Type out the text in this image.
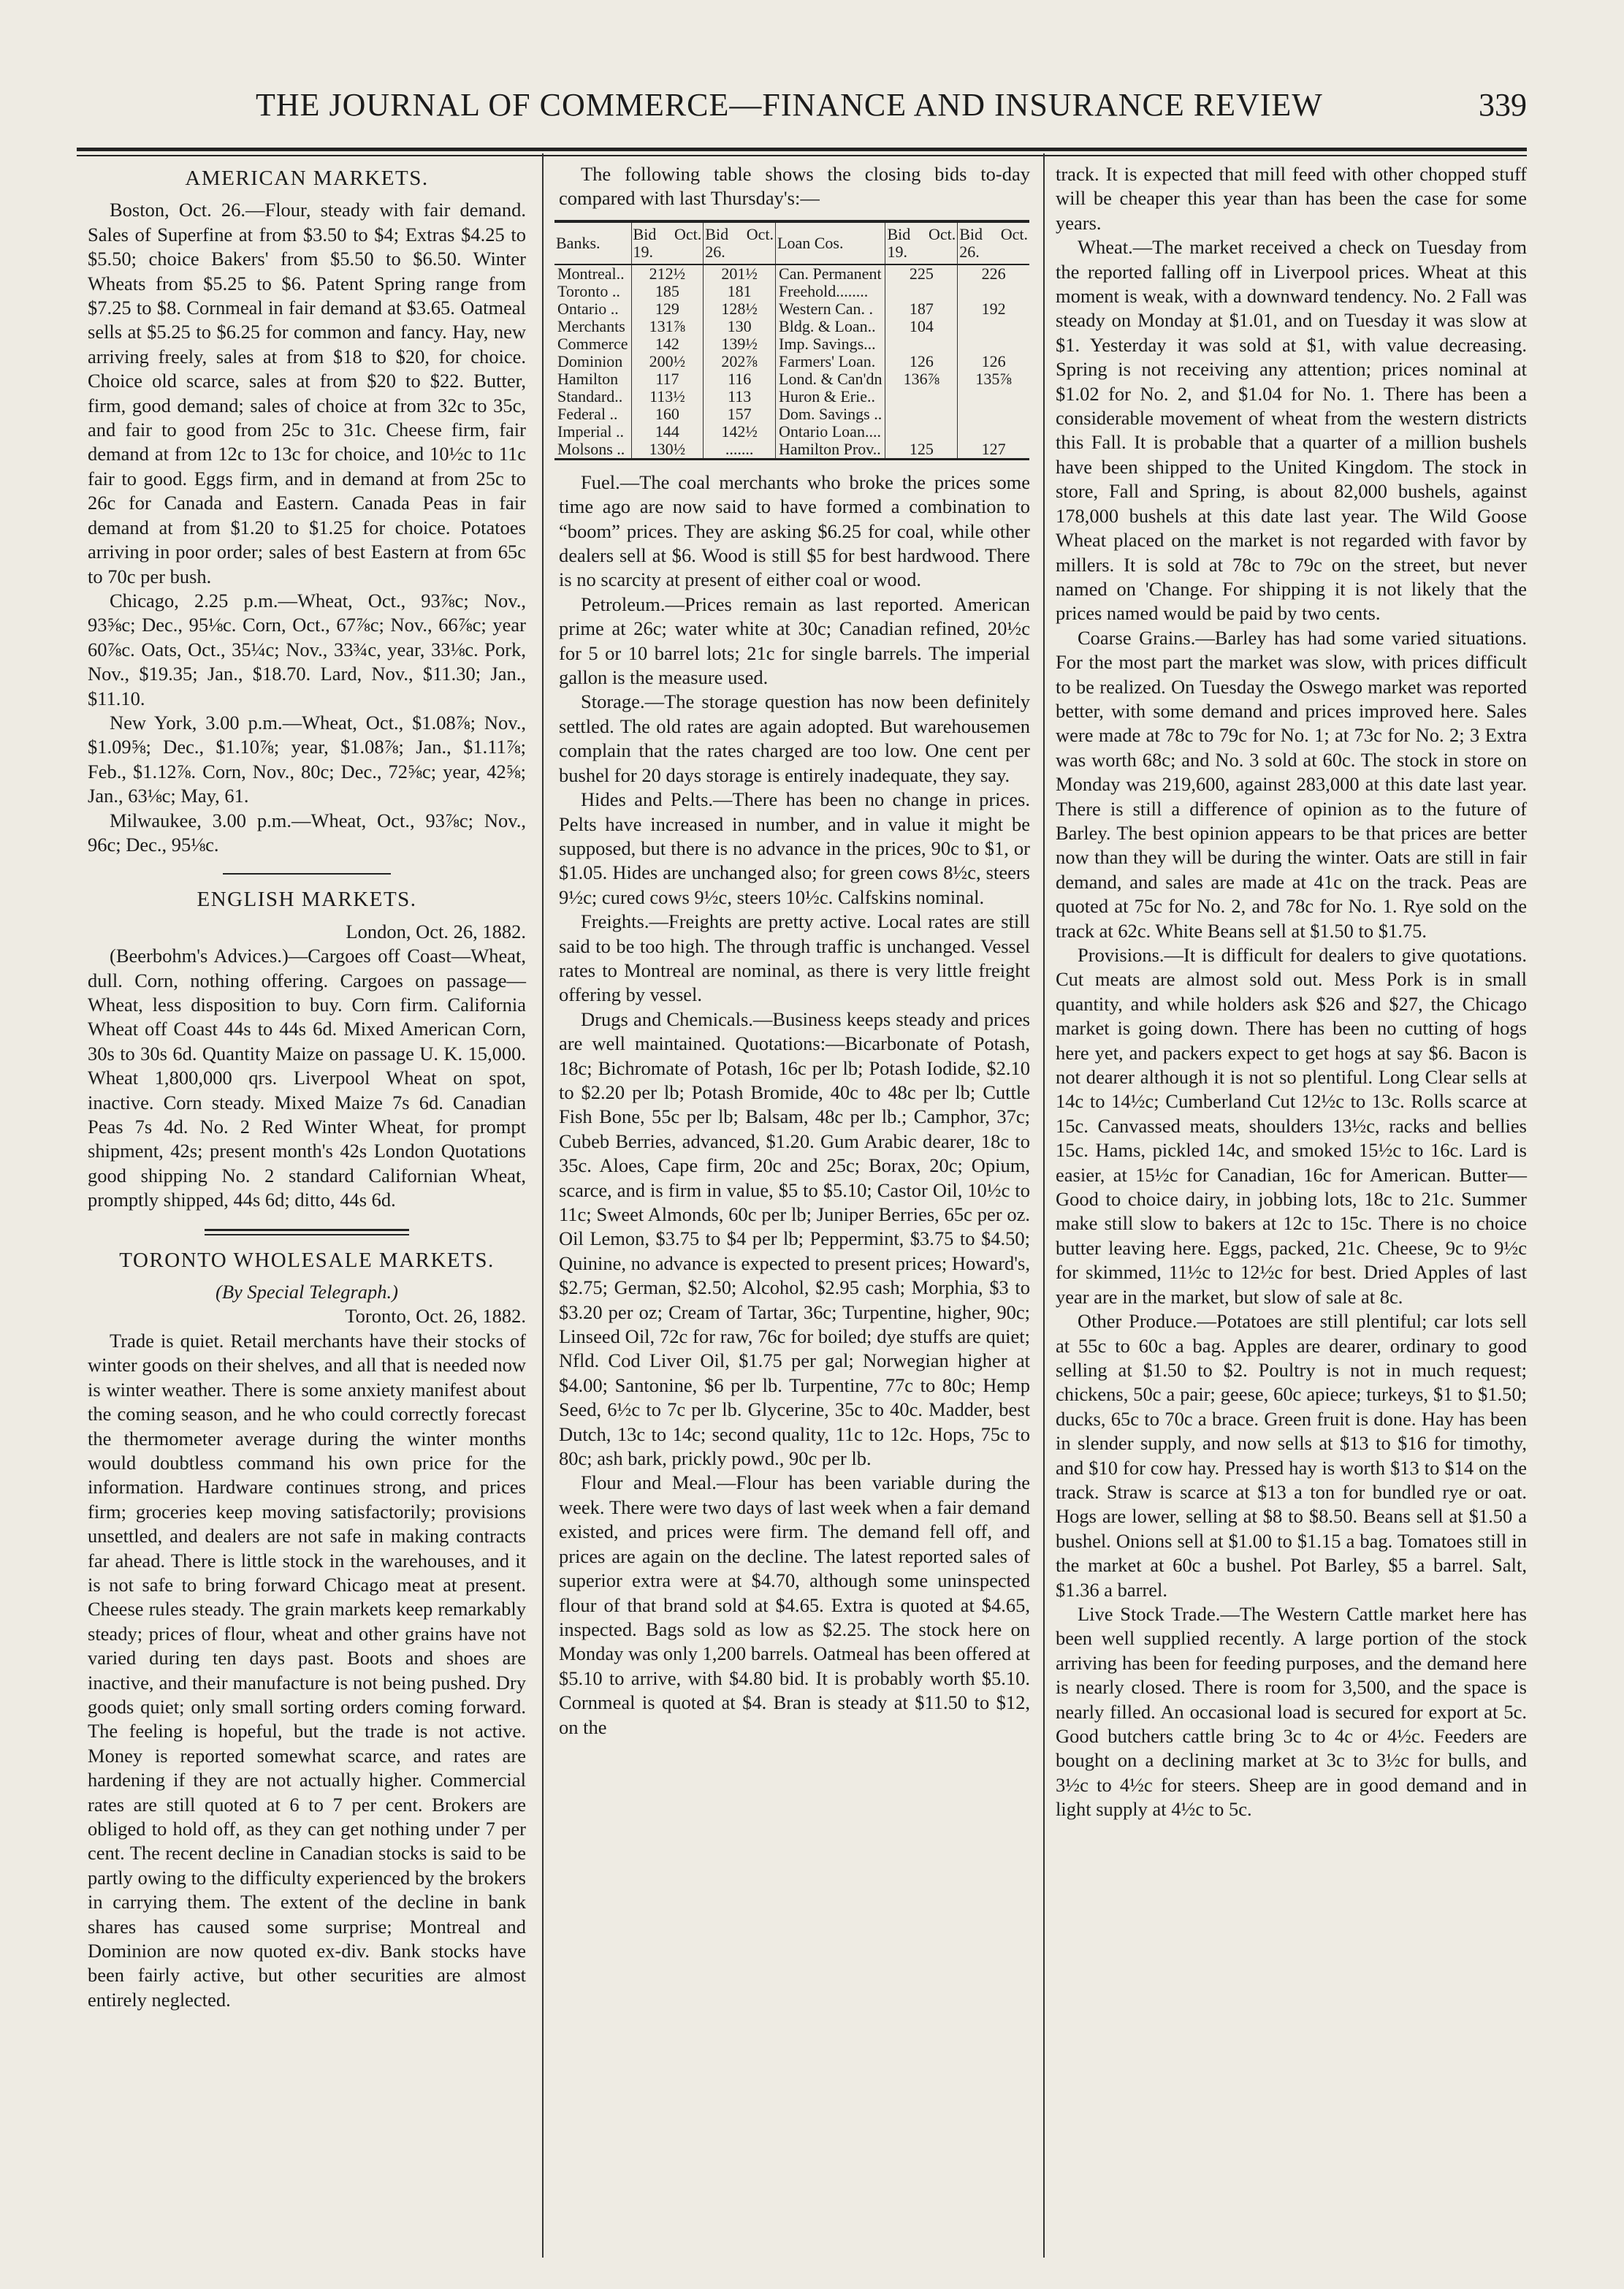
THE JOURNAL OF COMMERCE—FINANCE AND INSURANCE REVIEW	339
AMERICAN MARKETS.

Boston, Oct. 26.—Flour, steady with fair demand. Sales of Superfine at from $3.50 to $4; Extras $4.25 to $5.50; choice Bakers' from $5.50 to $6.50. Winter Wheats from $5.25 to $6. Patent Spring range from $7.25 to $8. Cornmeal in fair demand at $3.65. Oatmeal sells at $5.25 to $6.25 for common and fancy. Hay, new arriving freely, sales at from $18 to $20, for choice. Choice old scarce, sales at from $20 to $22. Butter, firm, good demand; sales of choice at from 32c to 35c, and fair to good from 25c to 31c. Cheese firm, fair demand at from 12c to 13c for choice, and 10½c to 11c fair to good. Eggs firm, and in demand at from 25c to 26c for Canada and Eastern. Canada Peas in fair demand at from $1.20 to $1.25 for choice. Potatoes arriving in poor order; sales of best Eastern at from 65c to 70c per bush.

Chicago, 2.25 p.m.—Wheat, Oct., 93⅞c; Nov., 93⅝c; Dec., 95⅛c. Corn, Oct., 67⅞c; Nov., 66⅞c; year 60⅞c. Oats, Oct., 35¼c; Nov., 33¾c, year, 33⅛c. Pork, Nov., $19.35; Jan., $18.70. Lard, Nov., $11.30; Jan., $11.10.

New York, 3.00 p.m.—Wheat, Oct., $1.08⅞; Nov., $1.09⅝; Dec., $1.10⅞; year, $1.08⅞; Jan., $1.11⅞; Feb., $1.12⅞. Corn, Nov., 80c; Dec., 72⅝c; year, 42⅝; Jan., 63⅛c; May, 61.

Milwaukee, 3.00 p.m.—Wheat, Oct., 93⅞c; Nov., 96c; Dec., 95⅛c.

ENGLISH MARKETS.

London, Oct. 26, 1882.

(Beerbohm's Advices.)—Cargoes off Coast—Wheat, dull. Corn, nothing offering. Cargoes on passage—Wheat, less disposition to buy. Corn firm. California Wheat off Coast 44s to 44s 6d. Mixed American Corn, 30s to 30s 6d. Quantity Maize on passage U. K. 15,000. Wheat 1,800,000 qrs. Liverpool Wheat on spot, inactive. Corn steady. Mixed Maize 7s 6d. Canadian Peas 7s 4d. No. 2 Red Winter Wheat, for prompt shipment, 42s; present month's 42s London Quotations good shipping No. 2 standard Californian Wheat, promptly shipped, 44s 6d; ditto, 44s 6d.

TORONTO WHOLESALE MARKETS.

(By Special Telegraph.)

Toronto, Oct. 26, 1882.

Trade is quiet. Retail merchants have their stocks of winter goods on their shelves, and all that is needed now is winter weather. There is some anxiety manifest about the coming season, and he who could correctly forecast the thermometer average during the winter months would doubtless command his own price for the information. Hardware continues strong, and prices firm; groceries keep moving satisfactorily; provisions unsettled, and dealers are not safe in making contracts far ahead. There is little stock in the warehouses, and it is not safe to bring forward Chicago meat at present. Cheese rules steady. The grain markets keep remarkably steady; prices of flour, wheat and other grains have not varied during ten days past. Boots and shoes are inactive, and their manufacture is not being pushed. Dry goods quiet; only small sorting orders coming forward. The feeling is hopeful, but the trade is not active. Money is reported somewhat scarce, and rates are hardening if they are not actually higher. Commercial rates are still quoted at 6 to 7 per cent. Brokers are obliged to hold off, as they can get nothing under 7 per cent. The recent decline in Canadian stocks is said to be partly owing to the difficulty experienced by the brokers in carrying them. The extent of the decline in bank shares has caused some surprise; Montreal and Dominion are now quoted ex-div. Bank stocks have been fairly active, but other securities are almost entirely neglected.

The following table shows the closing bids to-day compared with last Thursday's:—

Banks.	Bid Oct. 19.	Bid Oct. 26.	Loan Cos.	Bid Oct. 19.	Bid Oct. 26.
Montreal..	212½	201½	Can. Permanent	225	226
Toronto ..	185	181	Freehold........		
Ontario ..	129	128½	Western Can. .	187	192
Merchants	131⅞	130	Bldg. & Loan..	104	
Commerce	142	139½	Imp. Savings...		
Dominion	200½	202⅞	Farmers' Loan.	126	126
Hamilton	117	116	Lond. & Can'dn	136⅞	135⅞
Standard..	113½	113	Huron & Erie..		
Federal ..	160	157	Dom. Savings ..		
Imperial ..	144	142½	Ontario Loan....		
Molsons ..	130½	.......	Hamilton Prov..	125	127

Fuel.—The coal merchants who broke the prices some time ago are now said to have formed a combination to “boom” prices. They are asking $6.25 for coal, while other dealers sell at $6. Wood is still $5 for best hardwood. There is no scarcity at present of either coal or wood.

Petroleum.—Prices remain as last reported. American prime at 26c; water white at 30c; Canadian refined, 20½c for 5 or 10 barrel lots; 21c for single barrels. The imperial gallon is the measure used.

Storage.—The storage question has now been definitely settled. The old rates are again adopted. But warehousemen complain that the rates charged are too low. One cent per bushel for 20 days storage is entirely inadequate, they say.

Hides and Pelts.—There has been no change in prices. Pelts have increased in number, and in value it might be supposed, but there is no advance in the prices, 90c to $1, or $1.05. Hides are unchanged also; for green cows 8½c, steers 9½c; cured cows 9½c, steers 10½c. Calfskins nominal.

Freights.—Freights are pretty active. Local rates are still said to be too high. The through traffic is unchanged. Vessel rates to Montreal are nominal, as there is very little freight offering by vessel.

Drugs and Chemicals.—Business keeps steady and prices are well maintained. Quotations:—Bicarbonate of Potash, 18c; Bichromate of Potash, 16c per lb; Potash Iodide, $2.10 to $2.20 per lb; Potash Bromide, 40c to 48c per lb; Cuttle Fish Bone, 55c per lb; Balsam, 48c per lb.; Camphor, 37c; Cubeb Berries, advanced, $1.20. Gum Arabic dearer, 18c to 35c. Aloes, Cape firm, 20c and 25c; Borax, 20c; Opium, scarce, and is firm in value, $5 to $5.10; Castor Oil, 10½c to 11c; Sweet Almonds, 60c per lb; Juniper Berries, 65c per oz. Oil Lemon, $3.75 to $4 per lb; Peppermint, $3.75 to $4.50; Quinine, no advance is expected to present prices; Howard's, $2.75; German, $2.50; Alcohol, $2.95 cash; Morphia, $3 to $3.20 per oz; Cream of Tartar, 36c; Turpentine, higher, 90c; Linseed Oil, 72c for raw, 76c for boiled; dye stuffs are quiet; Nfld. Cod Liver Oil, $1.75 per gal; Norwegian higher at $4.00; Santonine, $6 per lb. Turpentine, 77c to 80c; Hemp Seed, 6½c to 7c per lb. Glycerine, 35c to 40c. Madder, best Dutch, 13c to 14c; second quality, 11c to 12c. Hops, 75c to 80c; ash bark, prickly powd., 90c per lb.

Flour and Meal.—Flour has been variable during the week. There were two days of last week when a fair demand existed, and prices were firm. The demand fell off, and prices are again on the decline. The latest reported sales of superior extra were at $4.70, although some uninspected flour of that brand sold at $4.65. Extra is quoted at $4.65, inspected. Bags sold as low as $2.25. The stock here on Monday was only 1,200 barrels. Oatmeal has been offered at $5.10 to arrive, with $4.80 bid. It is probably worth $5.10. Cornmeal is quoted at $4. Bran is steady at $11.50 to $12, on the

track. It is expected that mill feed with other chopped stuff will be cheaper this year than has been the case for some years.

Wheat.—The market received a check on Tuesday from the reported falling off in Liverpool prices. Wheat at this moment is weak, with a downward tendency. No. 2 Fall was steady on Monday at $1.01, and on Tuesday it was slow at $1. Yesterday it was sold at $1, with value decreasing. Spring is not receiving any attention; prices nominal at $1.02 for No. 2, and $1.04 for No. 1. There has been a considerable movement of wheat from the western districts this Fall. It is probable that a quarter of a million bushels have been shipped to the United Kingdom. The stock in store, Fall and Spring, is about 82,000 bushels, against 178,000 bushels at this date last year. The Wild Goose Wheat placed on the market is not regarded with favor by millers. It is sold at 78c to 79c on the street, but never named on 'Change. For shipping it is not likely that the prices named would be paid by two cents.

Coarse Grains.—Barley has had some varied situations. For the most part the market was slow, with prices difficult to be realized. On Tuesday the Oswego market was reported better, with some demand and prices improved here. Sales were made at 78c to 79c for No. 1; at 73c for No. 2; 3 Extra was worth 68c; and No. 3 sold at 60c. The stock in store on Monday was 219,600, against 283,000 at this date last year. There is still a difference of opinion as to the future of Barley. The best opinion appears to be that prices are better now than they will be during the winter. Oats are still in fair demand, and sales are made at 41c on the track. Peas are quoted at 75c for No. 2, and 78c for No. 1. Rye sold on the track at 62c. White Beans sell at $1.50 to $1.75.

Provisions.—It is difficult for dealers to give quotations. Cut meats are almost sold out. Mess Pork is in small quantity, and while holders ask $26 and $27, the Chicago market is going down. There has been no cutting of hogs here yet, and packers expect to get hogs at say $6. Bacon is not dearer although it is not so plentiful. Long Clear sells at 14c to 14½c; Cumberland Cut 12½c to 13c. Rolls scarce at 15c. Canvassed meats, shoulders 13½c, racks and bellies 15c. Hams, pickled 14c, and smoked 15½c to 16c. Lard is easier, at 15½c for Canadian, 16c for American. Butter—Good to choice dairy, in jobbing lots, 18c to 21c. Summer make still slow to bakers at 12c to 15c. There is no choice butter leaving here. Eggs, packed, 21c. Cheese, 9c to 9½c for skimmed, 11½c to 12½c for best. Dried Apples of last year are in the market, but slow of sale at 8c.

Other Produce.—Potatoes are still plentiful; car lots sell at 55c to 60c a bag. Apples are dearer, ordinary to good selling at $1.50 to $2. Poultry is not in much request; chickens, 50c a pair; geese, 60c apiece; turkeys, $1 to $1.50; ducks, 65c to 70c a brace. Green fruit is done. Hay has been in slender supply, and now sells at $13 to $16 for timothy, and $10 for cow hay. Pressed hay is worth $13 to $14 on the track. Straw is scarce at $13 a ton for bundled rye or oat. Hogs are lower, selling at $8 to $8.50. Beans sell at $1.50 a bushel. Onions sell at $1.00 to $1.15 a bag. Tomatoes still in the market at 60c a bushel. Pot Barley, $5 a barrel. Salt, $1.36 a barrel.

Live Stock Trade.—The Western Cattle market here has been well supplied recently. A large portion of the stock arriving has been for feeding purposes, and the demand here is nearly closed. There is room for 3,500, and the space is nearly filled. An occasional load is secured for export at 5c. Good butchers cattle bring 3c to 4c or 4½c. Feeders are bought on a declining market at 3c to 3½c for bulls, and 3½c to 4½c for steers. Sheep are in good demand and in light supply at 4½c to 5c.
